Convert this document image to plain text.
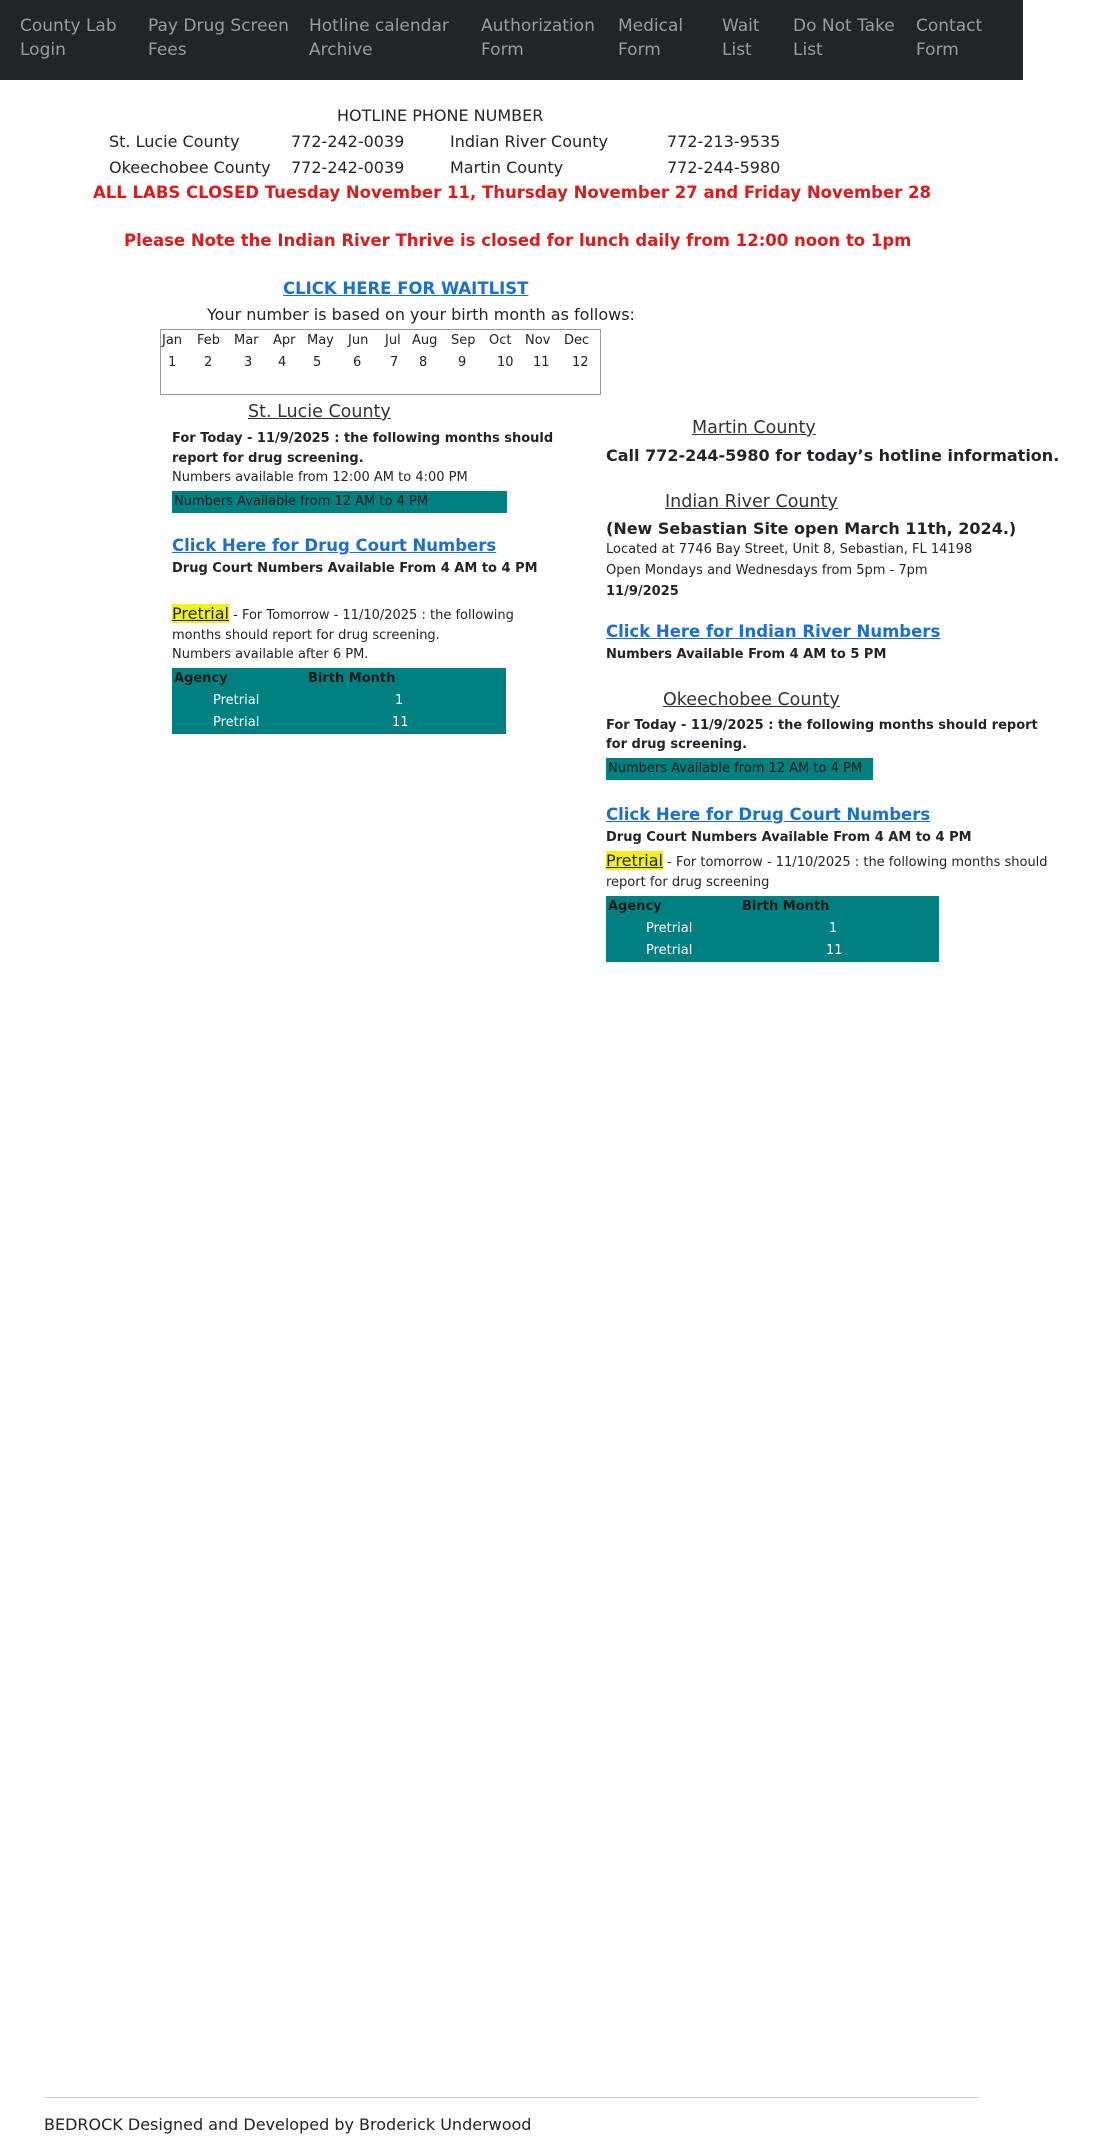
County Lab
Login
Pay Drug Screen
Fees
Hotline calendar
Archive
Authorization
Form
Medical
Form
Wait
List
Do Not Take
List
Contact
Form
HOTLINE PHONE NUMBER
St. Lucie County	772-242-0039	Indian River County	772-213-9535
Okeechobee County 772-242-0039	Martin County	772-244-5980
ALL LABS CLOSED Tuesday November 11, Thursday November 27 and Friday November 28
Please Note the Indian River Thrive is closed for lunch daily from 12:00 noon to 1pm
CLICK HERE FOR WAITLIST
Your number is based on your birth month as follows:
Jan Feb Mar Apr May Jun Jul Aug Sep Oct Nov Dec
1 2 3 4 5 6 7 8 9 10 11 12
St. Lucie County
For Today - 11/9/2025 : the following months should
report for drug screening.
Numbers available from 12:00 AM to 4:00 PM
Numbers Available from 12 AM to 4 PM
Click Here for Drug Court Numbers
Drug Court Numbers Available From 4 AM to 4 PM
Pretrial - For Tomorrow - 11/10/2025 : the following
months should report for drug screening.
Numbers available after 6 PM.
Agency	Birth Month
Pretrial	1
Pretrial	11
Martin County
Call 772-244-5980 for today’s hotline information.
Indian River County
(New Sebastian Site open March 11th, 2024.)
Located at 7746 Bay Street, Unit 8, Sebastian, FL 14198
Open Mondays and Wednesdays from 5pm - 7pm
11/9/2025
Click Here for Indian River Numbers
Numbers Available From 4 AM to 5 PM
Okeechobee County
For Today - 11/9/2025 : the following months should report
for drug screening.
Numbers Available from 12 AM to 4 PM
Click Here for Drug Court Numbers
Drug Court Numbers Available From 4 AM to 4 PM
Pretrial - For tomorrow - 11/10/2025 : the following months should
report for drug screening
Agency	Birth Month
Pretrial	1
Pretrial	11
BEDROCK Designed and Developed by Broderick Underwood
